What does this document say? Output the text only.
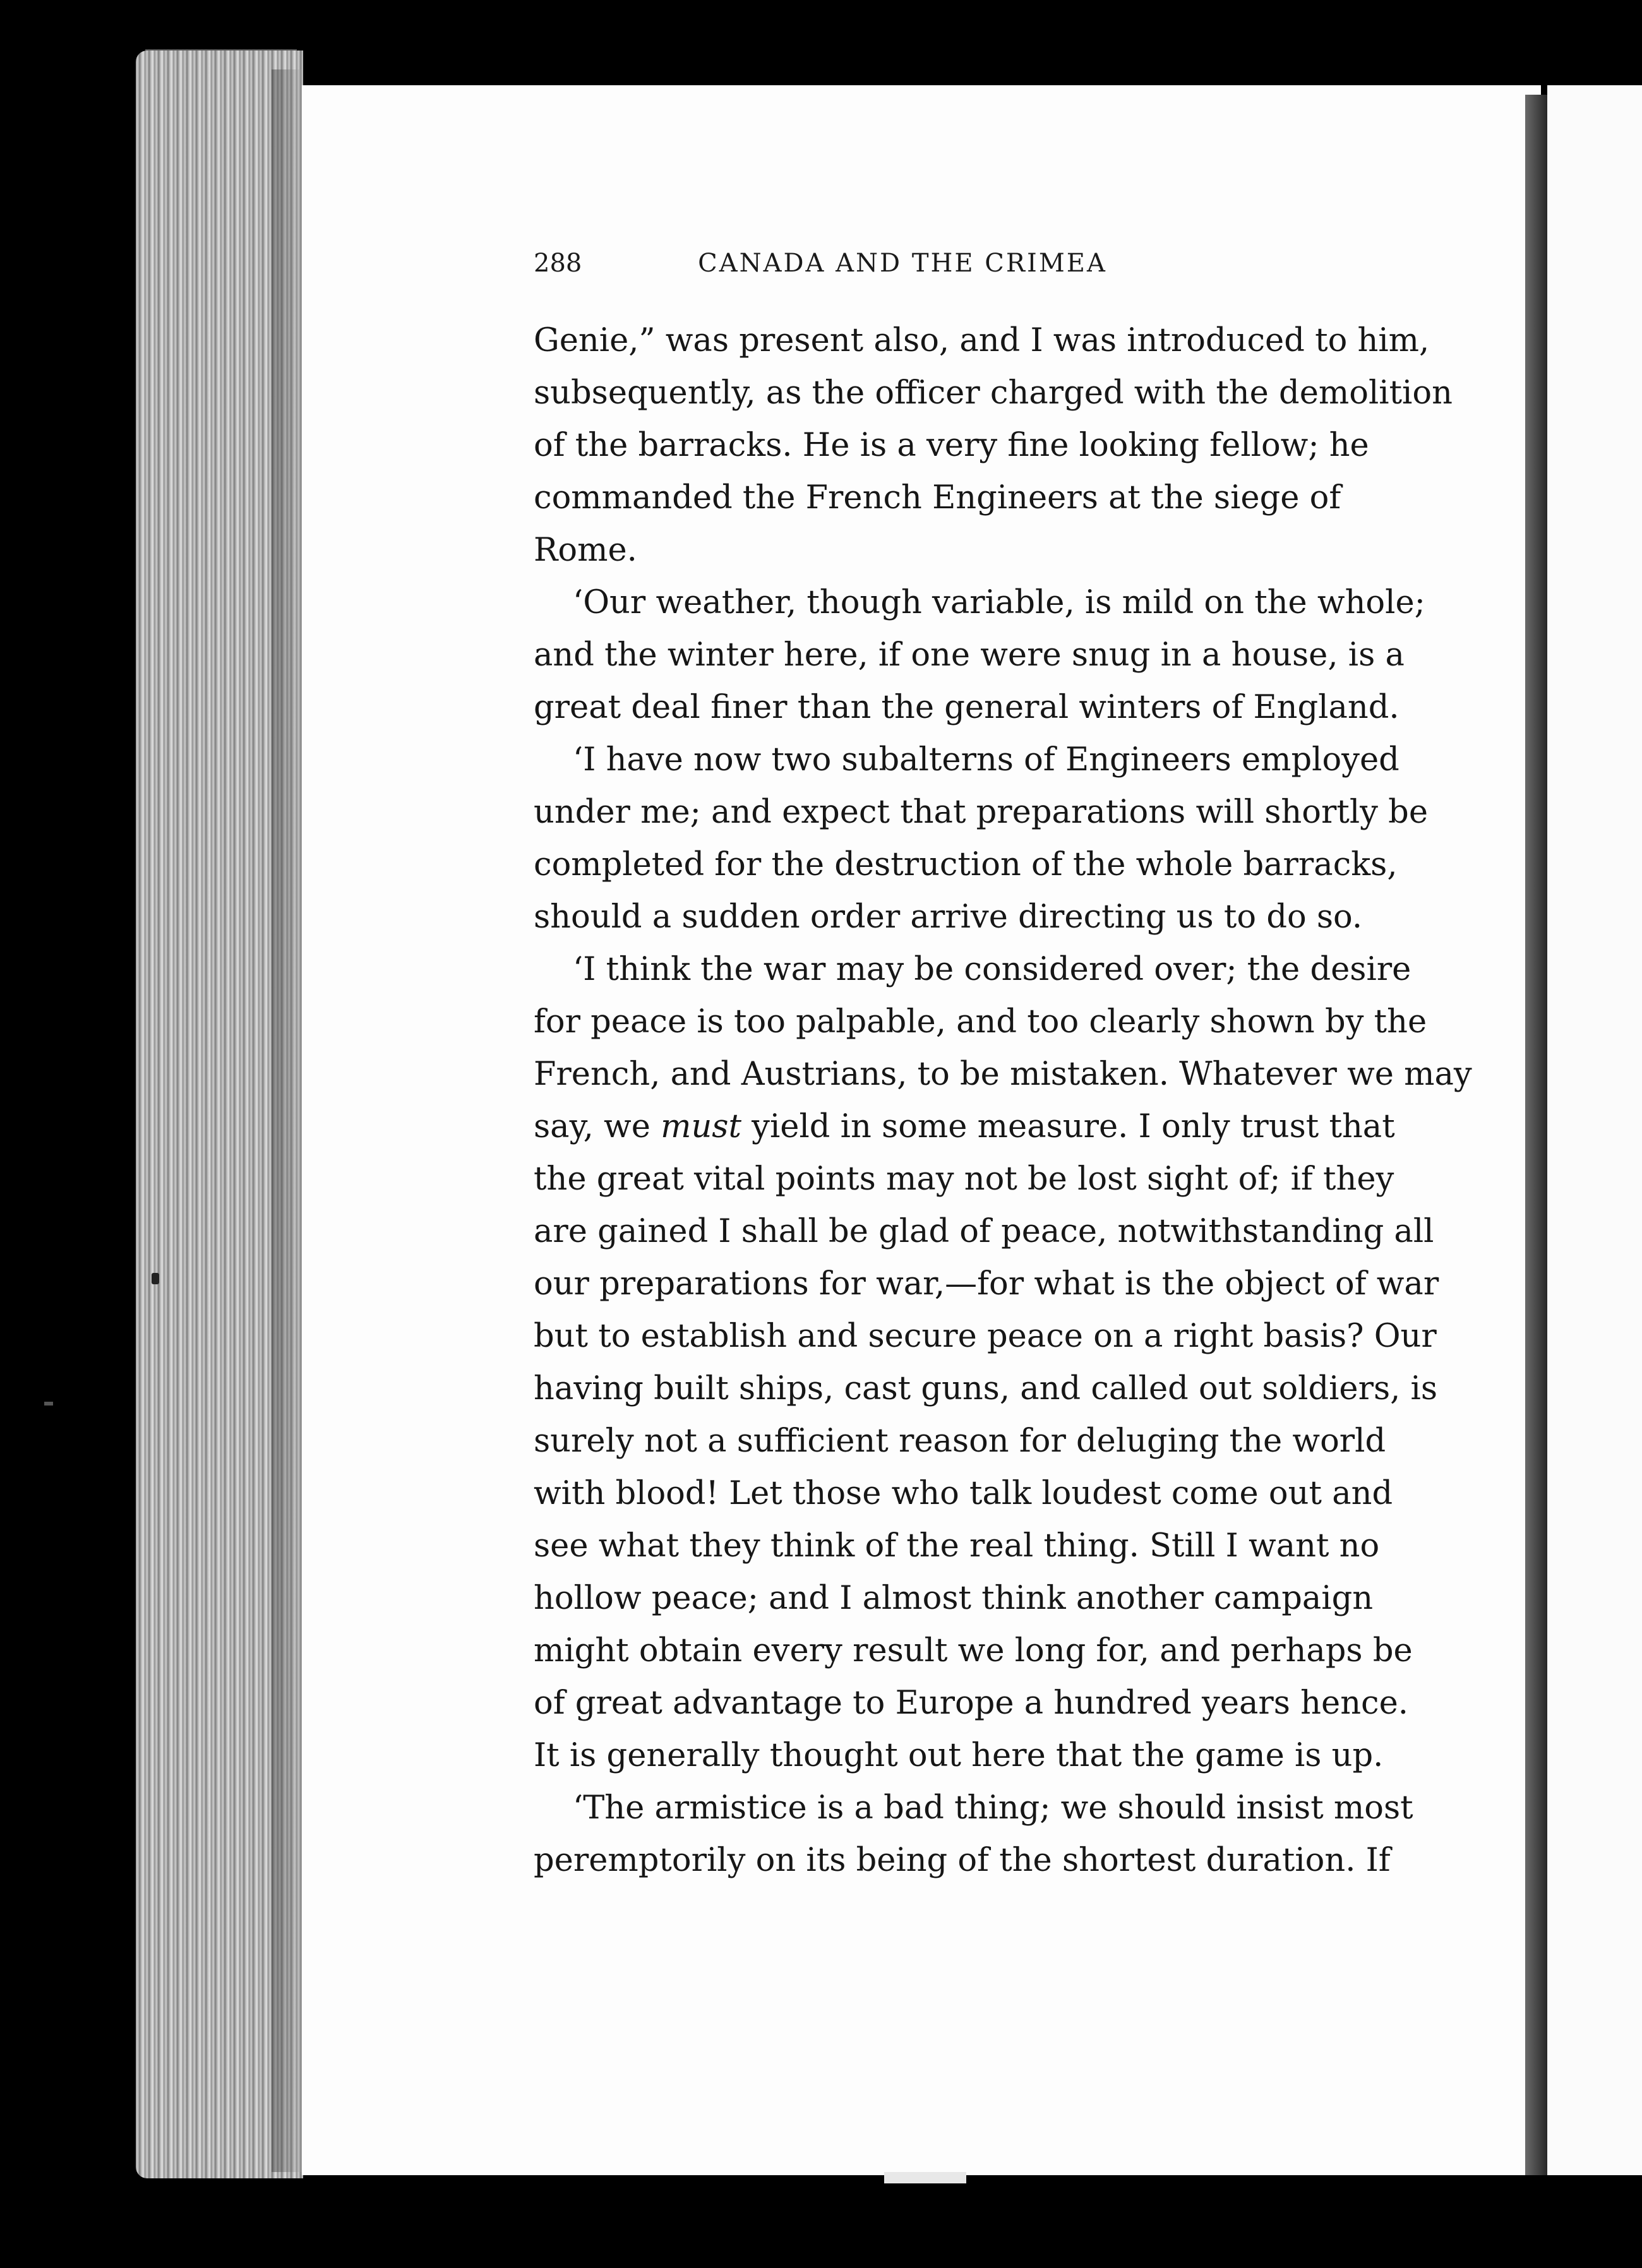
288	CANADA AND THE CRIMEA
Genie,” was present also, and I was introduced to him,
subsequently, as the officer charged with the demolition
of the barracks. He is a very fine looking fellow; he
commanded the French Engineers at the siege of
Rome.
‘Our weather, though variable, is mild on the whole;
and the winter here, if one were snug in a house, is a
great deal finer than the general winters of England.
‘I have now two subalterns of Engineers employed
under me; and expect that preparations will shortly be
completed for the destruction of the whole barracks,
should a sudden order arrive directing us to do so.
‘I think the war may be considered over; the desire
for peace is too palpable, and too clearly shown by the
French, and Austrians, to be mistaken. Whatever we may
say, we must yield in some measure. I only trust that
the great vital points may not be lost sight of; if they
are gained I shall be glad of peace, notwithstanding all
our preparations for war,—for what is the object of war
but to establish and secure peace on a right basis? Our
having built ships, cast guns, and called out soldiers, is
surely not a sufficient reason for deluging the world
with blood! Let those who talk loudest come out and
see what they think of the real thing. Still I want no
hollow peace; and I almost think another campaign
might obtain every result we long for, and perhaps be
of great advantage to Europe a hundred years hence.
It is generally thought out here that the game is up.
‘The armistice is a bad thing; we should insist most
peremptorily on its being of the shortest duration. If
